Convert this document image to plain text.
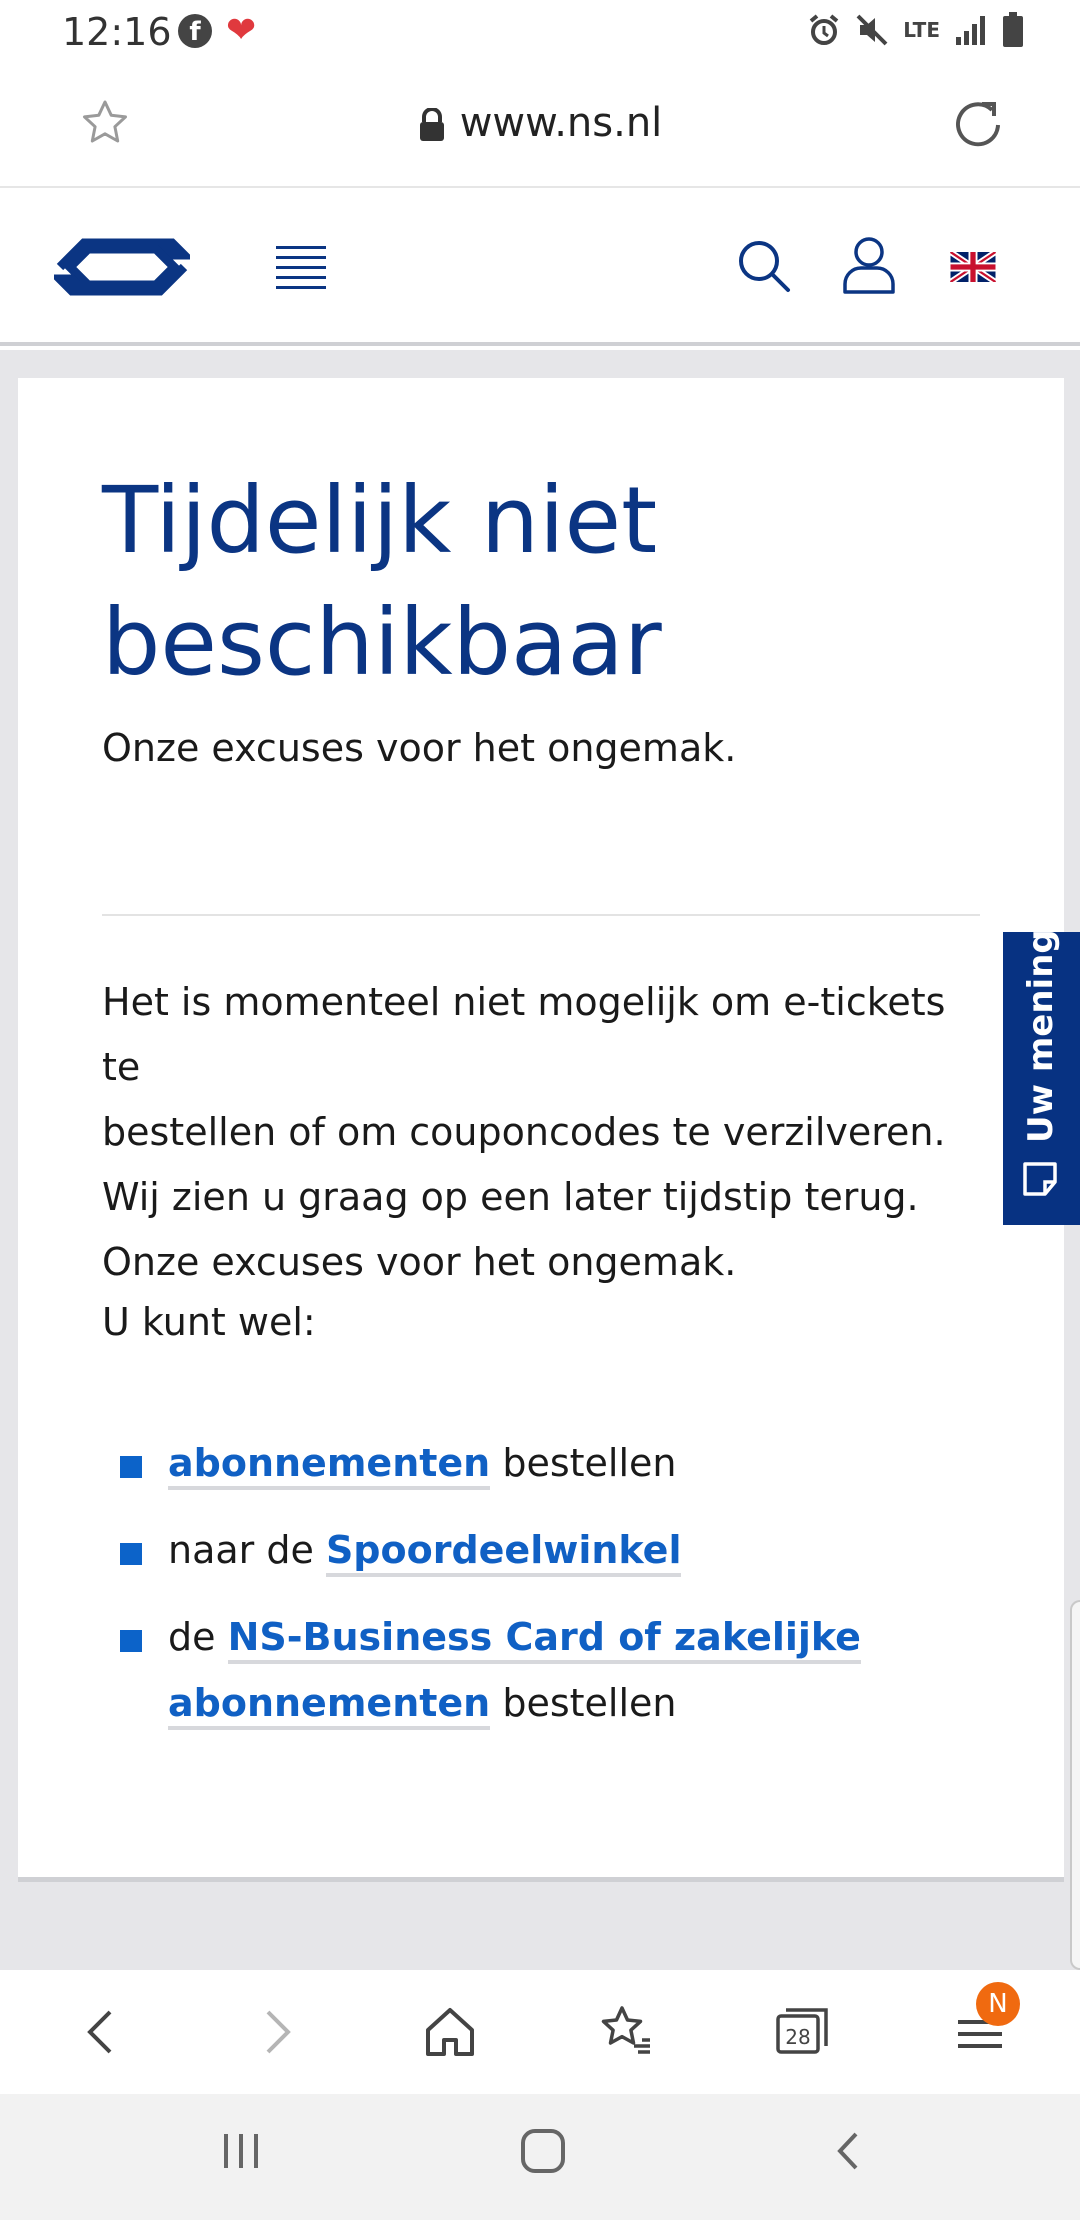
12:16 f ❤	LTE
www.ns.nl
Tijdelijk niet beschikbaar

Onze excuses voor het ongemak.

Het is momenteel niet mogelijk om e-tickets te
bestellen of om couponcodes te verzilveren.
Wij zien u graag op een later tijdstip terug.
Onze excuses voor het ongemak.

U kunt wel:

abonnementen bestellen
naar de Spoordeelwinkel
de NS-Business Card of zakelijke abonnementen bestellen
Uw mening
28
N
